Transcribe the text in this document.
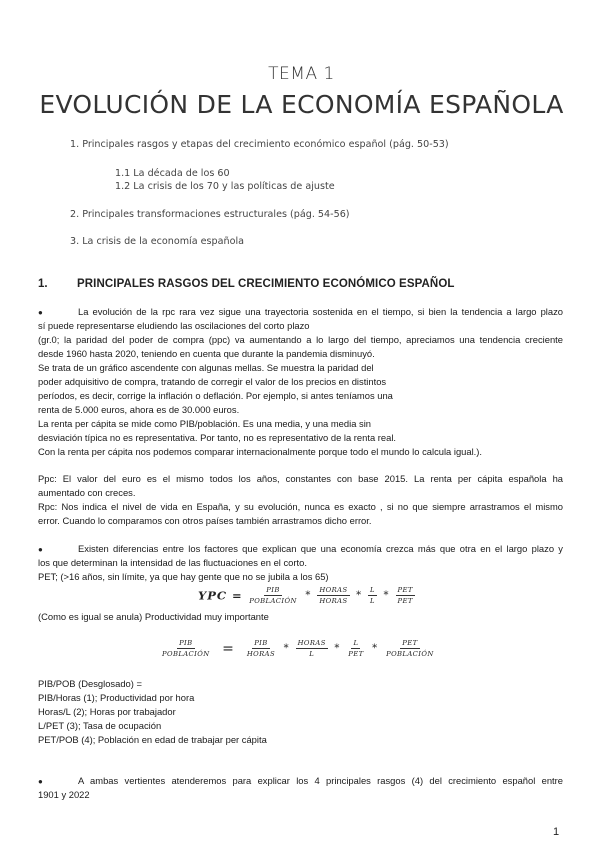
TEMA 1
EVOLUCIÓN DE LA ECONOMÍA ESPAÑOLA
1. Principales rasgos y etapas del crecimiento económico español (pág. 50-53)
1.1 La década de los 60
1.2 La crisis de los 70 y las políticas de ajuste
2. Principales transformaciones estructurales (pág. 54-56)
3. La crisis de la economía española
1.	PRINCIPALES RASGOS DEL CRECIMIENTO ECONÓMICO ESPAÑOL
●	La evolución de la rpc rara vez sigue una trayectoria sostenida en el tiempo, si bien la tendencia a largo plazo
sí puede representarse eludiendo las oscilaciones del corto plazo
(gr.0; la paridad del poder de compra (ppc) va aumentando a lo largo del tiempo, apreciamos una tendencia creciente
desde 1960 hasta 2020, teniendo en cuenta que durante la pandemia disminuyó.
Se trata de un gráfico ascendente con algunas mellas. Se muestra la paridad del
poder adquisitivo de compra, tratando de corregir el valor de los precios en distintos
períodos, es decir, corrige la inflación o deflación. Por ejemplo, si antes teníamos una
renta de 5.000 euros, ahora es de 30.000 euros.
La renta per cápita se mide como PIB/población. Es una media, y una media sin
desviación típica no es representativa. Por tanto, no es representativo de la renta real.
Con la renta per cápita nos podemos comparar internacionalmente porque todo el mundo lo calcula igual.).
Ppc: El valor del euro es el mismo todos los años, constantes con base 2015. La renta per cápita española ha
aumentado con creces.
Rpc: Nos indica el nivel de vida en España, y su evolución, nunca es exacto , si no que siempre arrastramos el mismo
error. Cuando lo comparamos con otros países también arrastramos dicho error.
●	Existen diferencias entre los factores que explican que una economía crezca más que otra en el largo plazo y
los que determinan la intensidad de las fluctuaciones en el corto.
PET; (>16 años, sin límite, ya que hay gente que no se jubila a los 65)
YPC = $\frac{\text{PIB}}{\text{POBLACIÓN}} * \frac{\text{HORAS}}{\text{HORAS}} * \frac{L}{L} * \frac{\text{PET}}{\text{PET}}$
(Como es igual se anula) Productividad muy importante
$\frac{\text{PIB}}{\text{POBLACIÓN}} = \frac{\text{PIB}}{\text{HORAS}} * \frac{\text{HORAS}}{L} * \frac{L}{\text{PET}} * \frac{\text{PET}}{\text{POBLACIÓN}}$
PIB/POB (Desglosado) =
PIB/Horas (1); Productividad por hora
Horas/L (2); Horas por trabajador
L/PET (3); Tasa de ocupación
PET/POB (4); Población en edad de trabajar per cápita
●	A ambas vertientes atenderemos para explicar los 4 principales rasgos (4) del crecimiento español entre
1901 y 2022
1
